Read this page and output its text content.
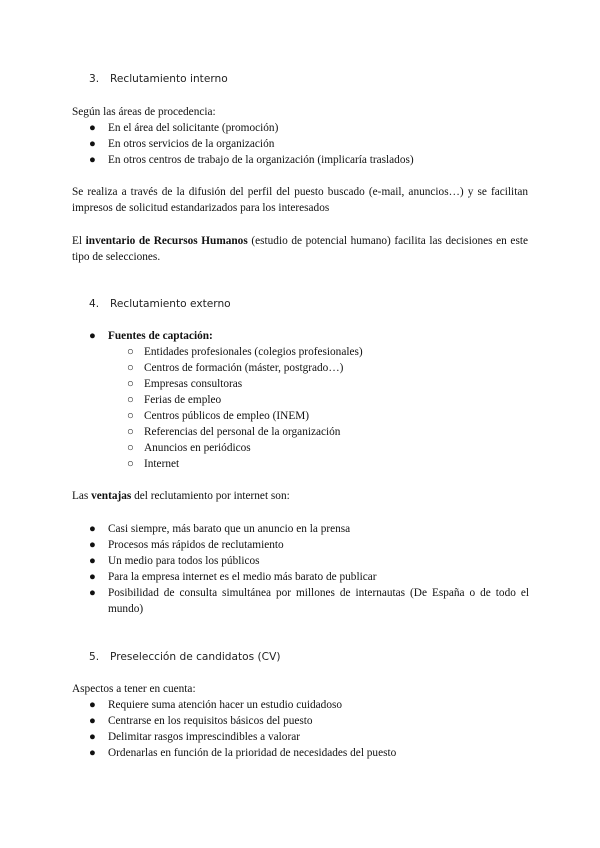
3. Reclutamiento interno
Según las áreas de procedencia:
● En el área del solicitante (promoción)
● En otros servicios de la organización
● En otros centros de trabajo de la organización (implicaría traslados)
Se realiza a través de la difusión del perfil del puesto buscado (e-mail, anuncios…) y se facilitan impresos de solicitud estandarizados para los interesados
El inventario de Recursos Humanos (estudio de potencial humano) facilita las decisiones en este tipo de selecciones.
4. Reclutamiento externo
● Fuentes de captación:
○ Entidades profesionales (colegios profesionales)
○ Centros de formación (máster, postgrado…)
○ Empresas consultoras
○ Ferias de empleo
○ Centros públicos de empleo (INEM)
○ Referencias del personal de la organización
○ Anuncios en periódicos
○ Internet
Las ventajas del reclutamiento por internet son:
● Casi siempre, más barato que un anuncio en la prensa
● Procesos más rápidos de reclutamiento
● Un medio para todos los públicos
● Para la empresa internet es el medio más barato de publicar
● Posibilidad de consulta simultánea por millones de internautas (De España o de todo el mundo)
5. Preselección de candidatos (CV)
Aspectos a tener en cuenta:
● Requiere suma atención hacer un estudio cuidadoso
● Centrarse en los requisitos básicos del puesto
● Delimitar rasgos imprescindibles a valorar
● Ordenarlas en función de la prioridad de necesidades del puesto
